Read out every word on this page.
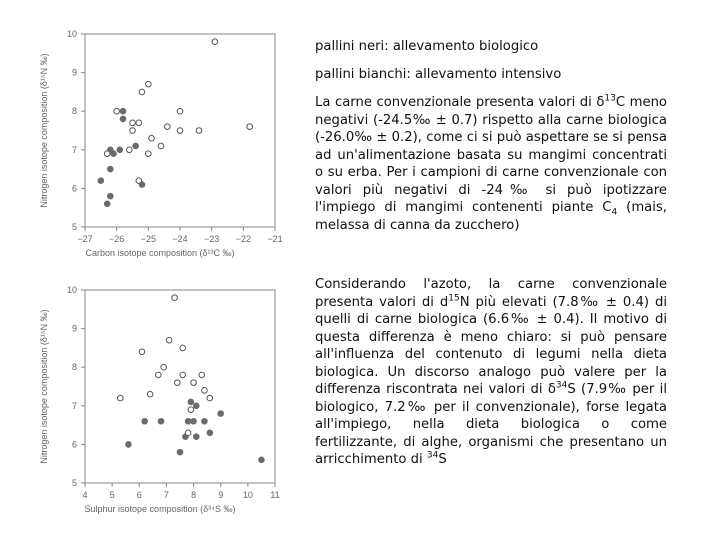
−27 −26 −25 −24 −23 −22 −21
5
6
7
8
9
10
Carbon isotope composition (δ¹³C ‰)
Nitrogen isotope composition (δ¹⁵N ‰)
4 5 6 7 8 9 10 11
5
6
7
8
9
10
Sulphur isotope composition (δ³⁴S ‰)
Nitrogen isotope composition (δ¹⁵N ‰)
pallini neri: allevamento biologico
pallini bianchi: allevamento intensivo

La carne convenzionale presenta valori di $\delta^{13}C$ meno negativi (-24.5‰ ± 0.7) rispetto alla carne biologica (-26.0‰ ± 0.2), come ci si può aspettare se si pensa ad un'alimentazione basata su mangimi concentrati o su erba. Per i campioni di carne convenzionale con valori più negativi di -24‰ si può ipotizzare l'impiego di mangimi contenenti piante $C_4$ (mais, melassa di canna da zucchero)

Considerando l'azoto, la carne convenzionale presenta valori di $d^{15}N$ più elevati (7.8‰ ± 0.4) di quelli di carne biologica (6.6‰ ± 0.4). Il motivo di questa differenza è meno chiaro: si può pensare all'influenza del contenuto di legumi nella dieta biologica. Un discorso analogo può valere per la differenza riscontrata nei valori di $\delta^{34}S$ (7.9‰ per il biologico, 7.2‰ per il convenzionale), forse legata all'impiego, nella dieta biologica o come fertilizzante, di alghe, organismi che presentano un arricchimento di $^{34}$S
